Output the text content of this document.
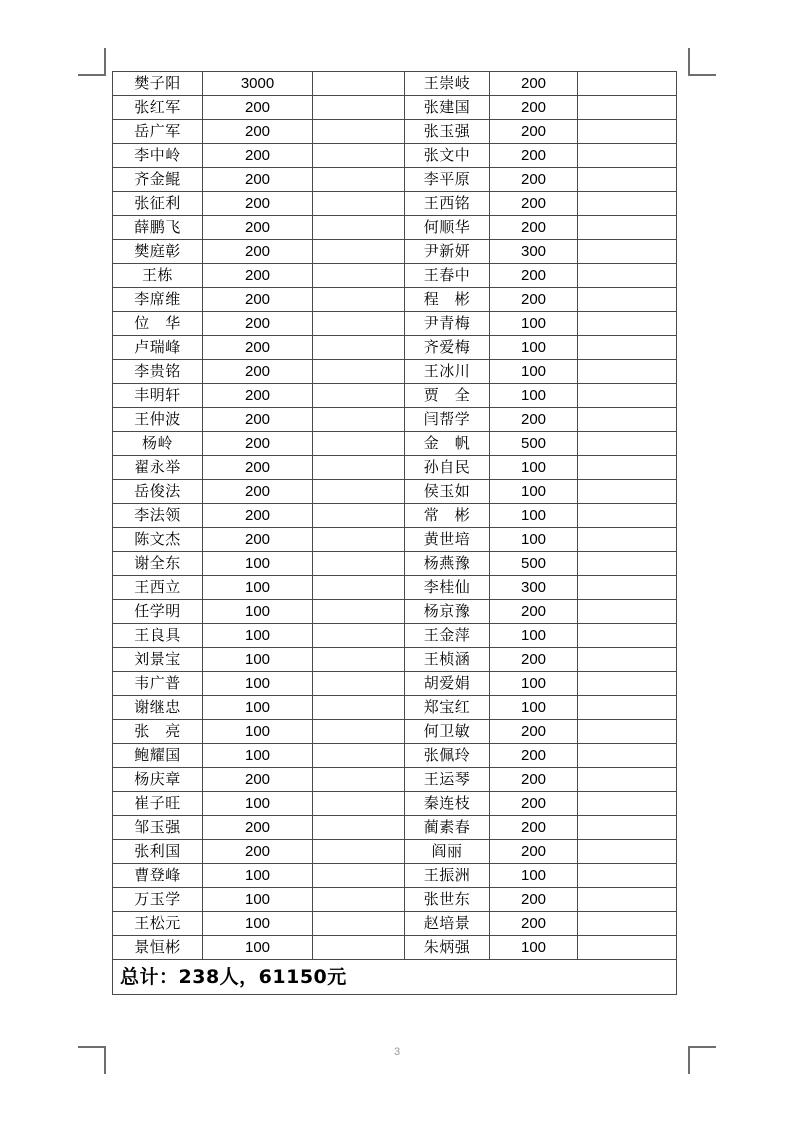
樊子阳	3000		王崇岐	200	
张红军	200		张建国	200	
岳广军	200		张玉强	200	
李中岭	200		张文中	200	
齐金鲲	200		李平原	200	
张征利	200		王西铭	200	
薛鹏飞	200		何顺华	200	
樊庭彰	200		尹新妍	300	
王栋	200		王春中	200	
李席维	200		程　彬	200	
位　华	200		尹青梅	100	
卢瑞峰	200		齐爱梅	100	
李贵铭	200		王冰川	100	
丰明轩	200		贾　全	100	
王仲波	200		闫帮学	200	
杨岭	200		金　帆	500	
翟永举	200		孙自民	100	
岳俊法	200		侯玉如	100	
李法领	200		常　彬	100	
陈文杰	200		黄世培	100	
谢全东	100		杨燕豫	500	
王西立	100		李桂仙	300	
任学明	100		杨京豫	200	
王良具	100		王金萍	100	
刘景宝	100		王桢涵	200	
韦广普	100		胡爱娟	100	
谢继忠	100		郑宝红	100	
张　亮	100		何卫敏	200	
鲍耀国	100		张佩玲	200	
杨庆章	200		王运琴	200	
崔子旺	100		秦连枝	200	
邹玉强	200		蔺素春	200	
张利国	200		阎丽	200	
曹登峰	100		王振洲	100	
万玉学	100		张世东	200	
王松元	100		赵培景	200	
景恒彬	100		朱炳强	100	
总计：238人，61150元					
3
